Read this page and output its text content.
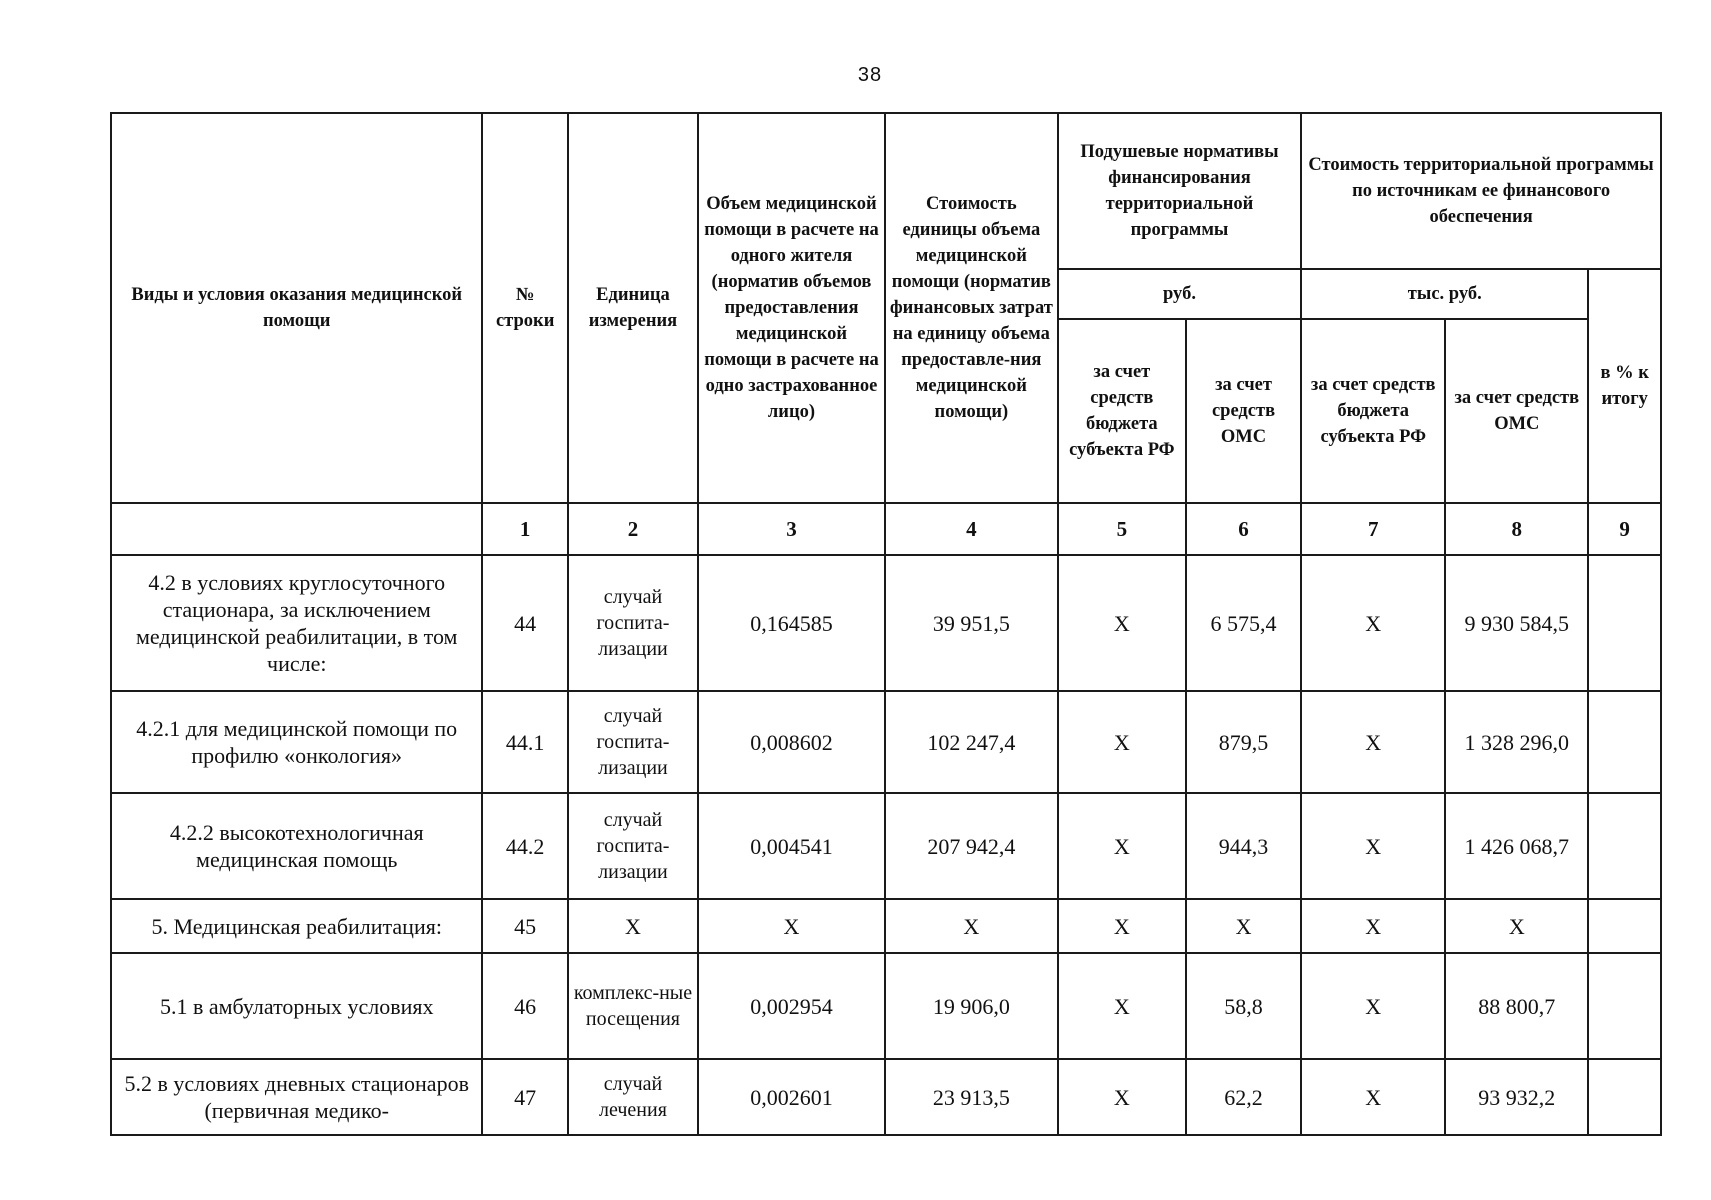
38
Виды и условия оказания медицинской помощи	№ строки	Единица измерения	Объем медицинской помощи в расчете на одного жителя (норматив объемов предоставления медицинской помощи в расчете на одно застрахованное лицо)	Стоимость единицы объема медицинской помощи (норматив финансовых затрат на единицу объема предоставле-ния медицинской помощи)	Подушевые нормативы финансирования территориальной программы		Стоимость территориальной программы по источникам ее финансового обеспечения		
					руб.		тыс. руб.		в % к итогу
					за счет средств бюджета субъекта РФ	за счет средств ОМС	за счет средств бюджета субъекта РФ	за счет средств ОМС	
	1	2	3	4	5	6	7	8	9
4.2 в условиях круглосуточного стационара, за исключением медицинской реабилитации, в том числе:	44	случай госпита-лизации	0,164585	39 951,5	X	6 575,4	X	9 930 584,5	
4.2.1 для медицинской помощи по профилю «онкология»	44.1	случай госпита-лизации	0,008602	102 247,4	X	879,5	X	1 328 296,0	
4.2.2 высокотехнологичная медицинская помощь	44.2	случай госпита-лизации	0,004541	207 942,4	X	944,3	X	1 426 068,7	
5. Медицинская реабилитация:	45	X	X	X	X	X	X	X	
5.1 в амбулаторных условиях	46	комплекс-ные посещения	0,002954	19 906,0	X	58,8	X	88 800,7	
5.2 в условиях дневных стационаров (первичная медико-	47	случай лечения	0,002601	23 913,5	X	62,2	X	93 932,2	
